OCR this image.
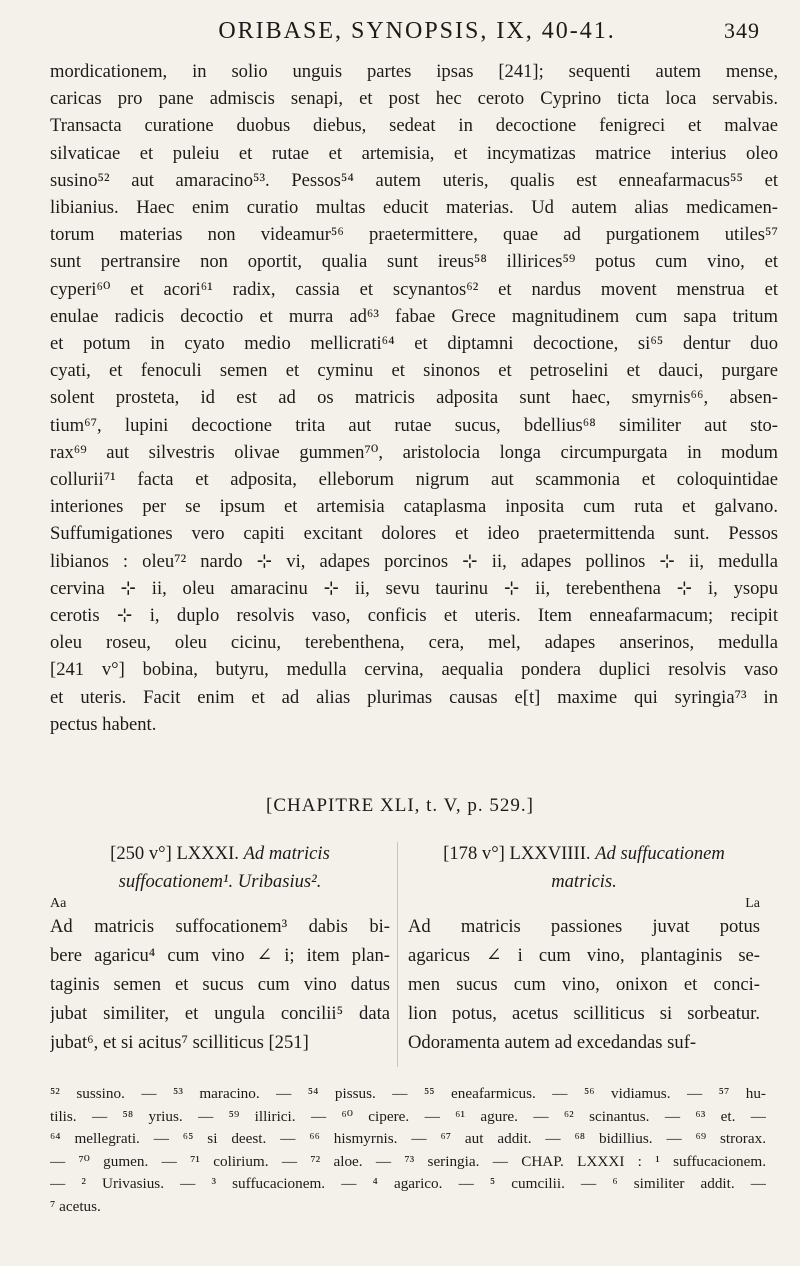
ORIBASE, SYNOPSIS, IX, 40-41.	349
mordicationem, in solio unguis partes ipsas [241]; sequenti autem mense,
caricas pro pane admiscis senapi, et post hec ceroto Cyprino ticta loca servabis.
Transacta curatione duobus diebus, sedeat in decoctione fenigreci et malvae
silvaticae et puleiu et rutae et artemisia, et incymatizas matrice interius oleo
susino⁵² aut amaracino⁵³. Pessos⁵⁴ autem uteris, qualis est enneafarmacus⁵⁵ et
libianius. Haec enim curatio multas educit materias. Ud autem alias medicamen-
torum materias non videamur⁵⁶ praetermittere, quae ad purgationem utiles⁵⁷
sunt pertransire non oportit, qualia sunt ireus⁵⁸ illirices⁵⁹ potus cum vino, et
cyperi⁶⁰ et acori⁶¹ radix, cassia et scynantos⁶² et nardus movent menstrua et
enulae radicis decoctio et murra ad⁶³ fabae Grece magnitudinem cum sapa tritum
et potum in cyato medio mellicrati⁶⁴ et diptamni decoctione, si⁶⁵ dentur duo
cyati, et fenoculi semen et cyminu et sinonos et petroselini et dauci, purgare
solent prosteta, id est ad os matricis adposita sunt haec, smyrnis⁶⁶, absen-
tium⁶⁷, lupini decoctione trita aut rutae sucus, bdellius⁶⁸ similiter aut sto-
rax⁶⁹ aut silvestris olivae gummen⁷⁰, aristolocia longa circumpurgata in modum
collurii⁷¹ facta et adposita, elleborum nigrum aut scammonia et coloquintidae
interiones per se ipsum et artemisia cataplasma inposita cum ruta et galvano.
Suffumigationes vero capiti excitant dolores et ideo praetermittenda sunt. Pessos
libianos : oleu⁷² nardo ⊹ vi, adapes porcinos ⊹ ii, adapes pollinos ⊹ ii, medulla
cervina ⊹ ii, oleu amaracinu ⊹ ii, sevu taurinu ⊹ ii, terebenthena ⊹ i, ysopu
cerotis ⊹ i, duplo resolvis vaso, conficis et uteris. Item enneafarmacum; recipit
oleu roseu, oleu cicinu, terebenthena, cera, mel, adapes anserinos, medulla
[241 v°] bobina, butyru, medulla cervina, aequalia pondera duplici resolvis vaso
et uteris. Facit enim et ad alias plurimas causas e[t] maxime qui syringia⁷³ in
pectus habent.
[CHAPITRE XLI, t. V, p. 529.]
[250 v°] LXXXI. Ad matricis
suffocationem¹. Uribasius².
Aa
Ad matricis suffocationem³ dabis bi-
bere agaricu⁴ cum vino ∠ i; item plan-
taginis semen et sucus cum vino datus
jubat similiter, et ungula concilii⁵ data
jubat⁶, et si acitus⁷ scilliticus [251]
[178 v°] LXXVIIII. Ad suffucationem
matricis.
La
Ad matricis passiones juvat potus
agaricus ∠ i cum vino, plantaginis se-
men sucus cum vino, onixon et conci-
lion potus, acetus scilliticus si sorbeatur.
Odoramenta autem ad excedandas suf-
⁵² sussino. — ⁵³ maracino. — ⁵⁴ pissus. — ⁵⁵ eneafarmicus. — ⁵⁶ vidiamus. — ⁵⁷ hu-
tilis. — ⁵⁸ yrius. — ⁵⁹ illirici. — ⁶⁰ cipere. — ⁶¹ agure. — ⁶² scinantus. — ⁶³ et. —
⁶⁴ mellegrati. — ⁶⁵ si deest. — ⁶⁶ hismyrnis. — ⁶⁷ aut addit. — ⁶⁸ bidillius. — ⁶⁹ strorax.
— ⁷⁰ gumen. — ⁷¹ colirium. — ⁷² aloe. — ⁷³ seringia. — CHAP. LXXXI : ¹ suffucacionem.
— ² Urivasius. — ³ suffucacionem. — ⁴ agarico. — ⁵ cumcilii. — ⁶ similiter addit. —
⁷ acetus.
